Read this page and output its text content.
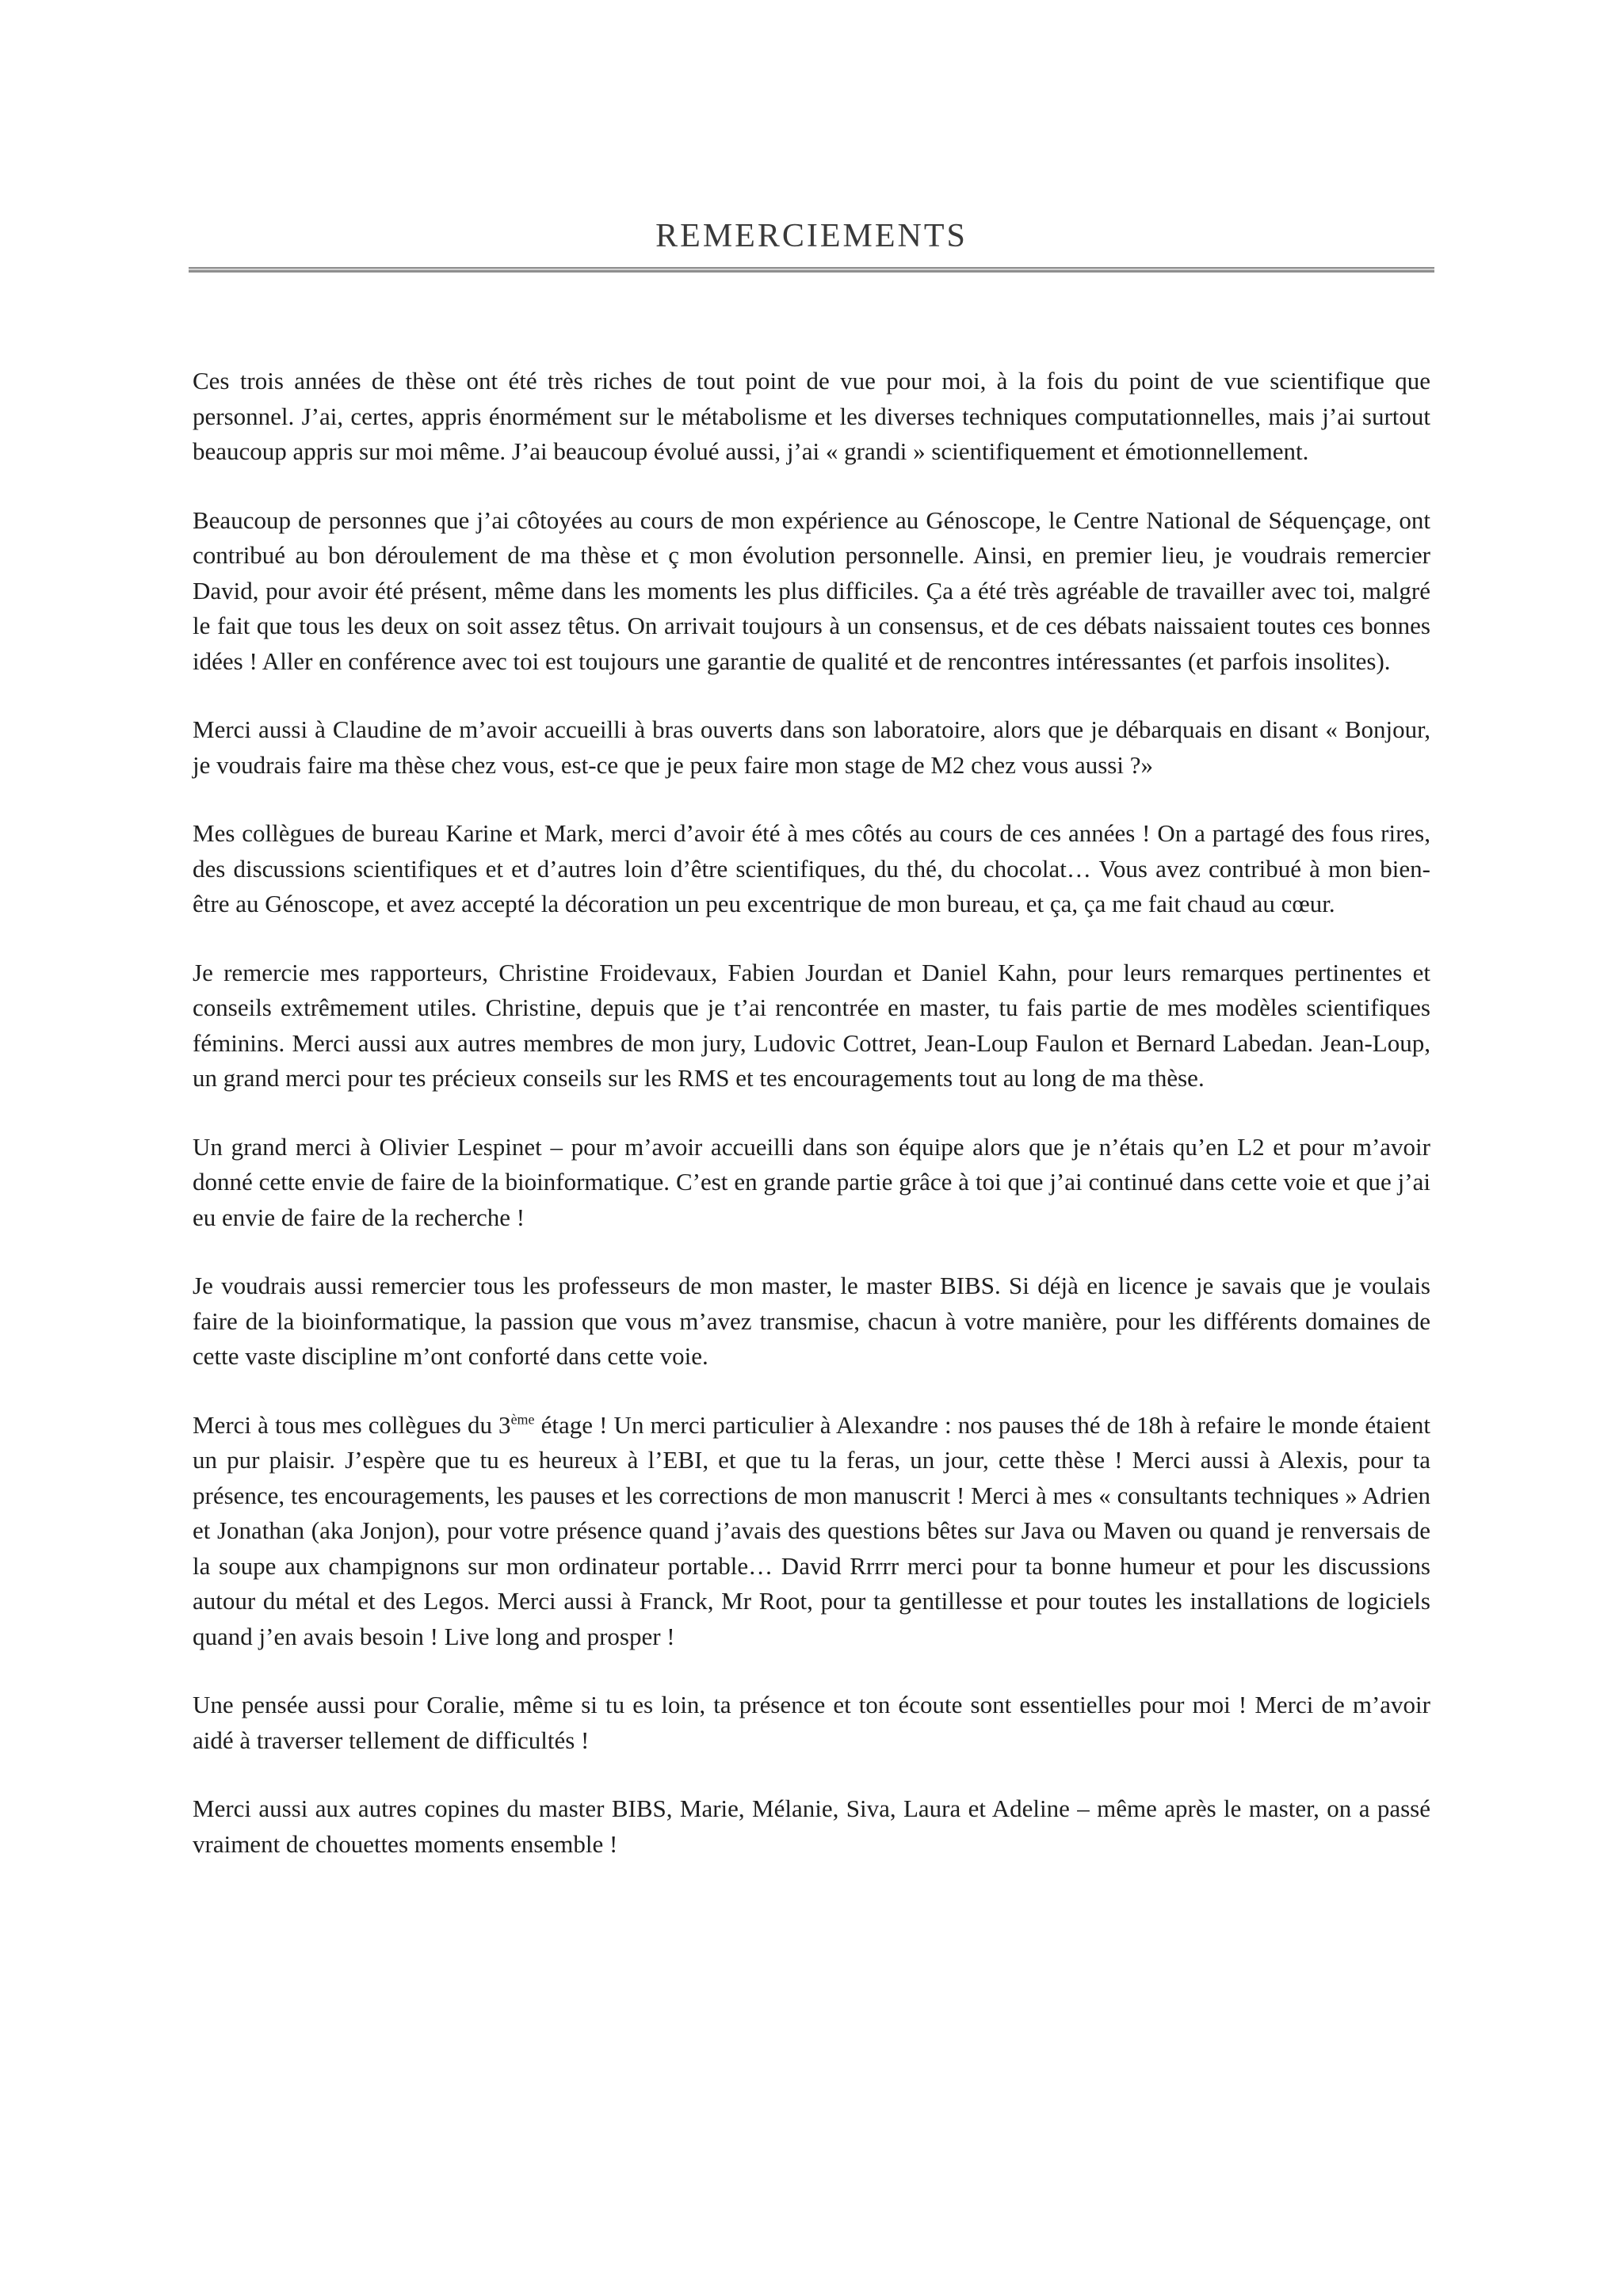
REMERCIEMENTS

Ces trois années de thèse ont été très riches de tout point de vue pour moi, à la fois du point de vue scientifique que personnel. J’ai, certes, appris énormément sur le métabolisme et les diverses techniques computationnelles, mais j’ai surtout beaucoup appris sur moi même. J’ai beaucoup évolué aussi, j’ai « grandi » scientifiquement et émotionnellement.

Beaucoup de personnes que j’ai côtoyées au cours de mon expérience au Génoscope, le Centre National de Séquençage, ont contribué au bon déroulement de ma thèse et ç mon évolution personnelle. Ainsi, en premier lieu, je voudrais remercier David, pour avoir été présent, même dans les moments les plus difficiles. Ça a été très agréable de travailler avec toi, malgré le fait que tous les deux on soit assez têtus. On arrivait toujours à un consensus, et de ces débats naissaient toutes ces bonnes idées ! Aller en conférence avec toi est toujours une garantie de qualité et de rencontres intéressantes (et parfois insolites).

Merci aussi à Claudine de m’avoir accueilli à bras ouverts dans son laboratoire, alors que je débarquais en disant « Bonjour, je voudrais faire ma thèse chez vous, est-ce que je peux faire mon stage de M2 chez vous aussi ?»

Mes collègues de bureau Karine et Mark, merci d’avoir été à mes côtés au cours de ces années ! On a partagé des fous rires, des discussions scientifiques et et d’autres loin d’être scientifiques, du thé, du chocolat… Vous avez contribué à mon bien-être au Génoscope, et avez accepté la décoration un peu excentrique de mon bureau, et ça, ça me fait chaud au cœur.

Je remercie mes rapporteurs, Christine Froidevaux, Fabien Jourdan et Daniel Kahn, pour leurs remarques pertinentes et conseils extrêmement utiles. Christine, depuis que je t’ai rencontrée en master, tu fais partie de mes modèles scientifiques féminins. Merci aussi aux autres membres de mon jury, Ludovic Cottret, Jean-Loup Faulon et Bernard Labedan. Jean-Loup, un grand merci pour tes précieux conseils sur les RMS et tes encouragements tout au long de ma thèse.

Un grand merci à Olivier Lespinet – pour m’avoir accueilli dans son équipe alors que je n’étais qu’en L2 et pour m’avoir donné cette envie de faire de la bioinformatique. C’est en grande partie grâce à toi que j’ai continué dans cette voie et que j’ai eu envie de faire de la recherche !

Je voudrais aussi remercier tous les professeurs de mon master, le master BIBS. Si déjà en licence je savais que je voulais faire de la bioinformatique, la passion que vous m’avez transmise, chacun à votre manière, pour les différents domaines de cette vaste discipline m’ont conforté dans cette voie.

Merci à tous mes collègues du 3ème étage ! Un merci particulier à Alexandre : nos pauses thé de 18h à refaire le monde étaient un pur plaisir. J’espère que tu es heureux à l’EBI, et que tu la feras, un jour, cette thèse ! Merci aussi à Alexis, pour ta présence, tes encouragements, les pauses et les corrections de mon manuscrit ! Merci à mes « consultants techniques » Adrien et Jonathan (aka Jonjon), pour votre présence quand j’avais des questions bêtes sur Java ou Maven ou quand je renversais de la soupe aux champignons sur mon ordinateur portable… David Rrrrr merci pour ta bonne humeur et pour les discussions autour du métal et des Legos. Merci aussi à Franck, Mr Root, pour ta gentillesse et pour toutes les installations de logiciels quand j’en avais besoin ! Live long and prosper !

Une pensée aussi pour Coralie, même si tu es loin, ta présence et ton écoute sont essentielles pour moi ! Merci de m’avoir aidé à traverser tellement de difficultés !

Merci aussi aux autres copines du master BIBS, Marie, Mélanie, Siva, Laura et Adeline – même après le master, on a passé vraiment de chouettes moments ensemble !
